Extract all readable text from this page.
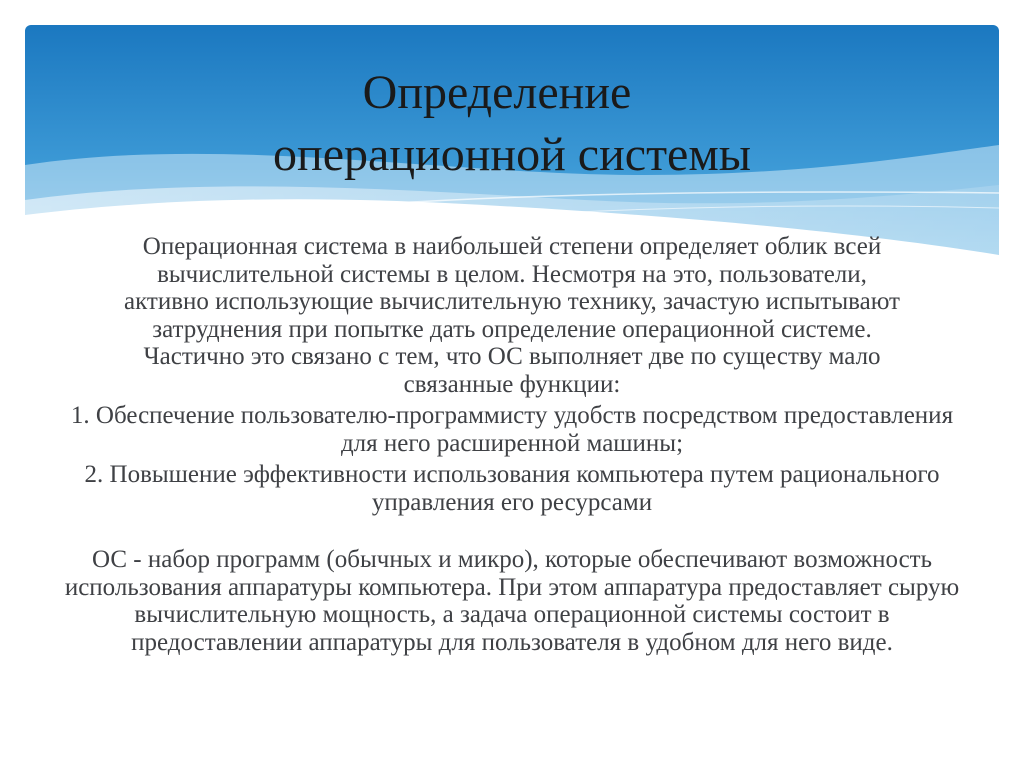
Определение
операционной системы

Операционная система в наибольшей степени определяет облик всей вычислительной системы в целом. Несмотря на это, пользователи, активно использующие вычислительную технику, зачастую испытывают затруднения при попытке дать определение операционной системе. Частично это связано с тем, что ОС выполняет две по существу мало связанные функции:

1. Обеспечение пользователю-программисту удобств посредством предоставления для него расширенной машины;

2. Повышение эффективности использования компьютера путем рационального управления его ресурсами

ОС - набор программ (обычных и микро), которые обеспечивают возможность использования аппаратуры компьютера. При этом аппаратура предоставляет сырую вычислительную мощность, а задача операционной системы состоит в предоставлении аппаратуры для пользователя в удобном для него виде.
